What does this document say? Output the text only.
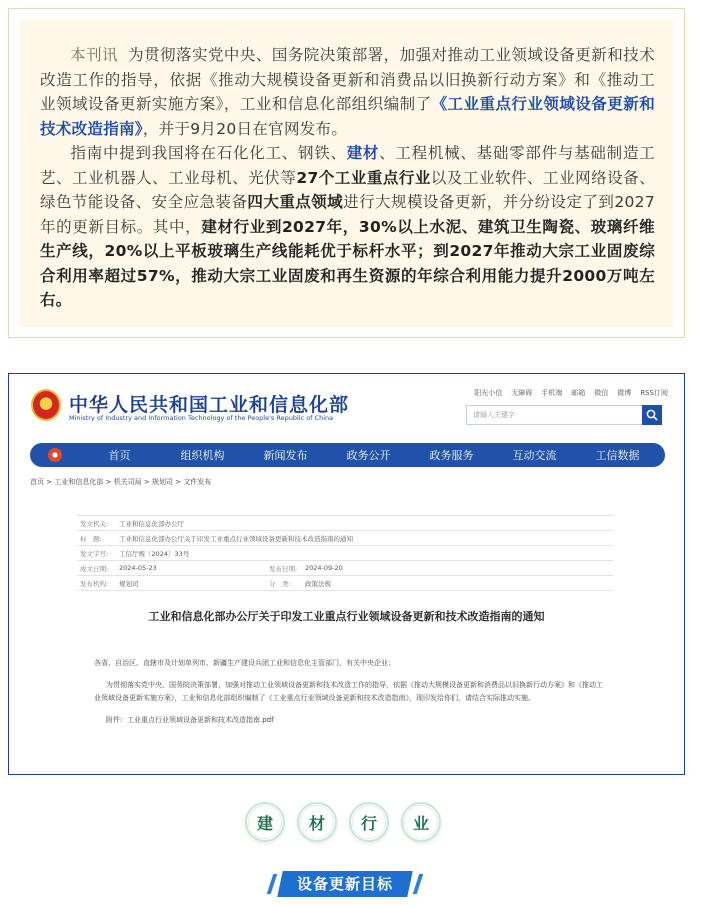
本刊讯 为贯彻落实党中央、国务院决策部署，加强对推动工业领域设备更新和技术改造工作的指导，依据《推动大规模设备更新和消费品以旧换新行动方案》和《推动工业领域设备更新实施方案》，工业和信息化部组织编制了《工业重点行业领域设备更新和技术改造指南》，并于9月20日在官网发布。

指南中提到我国将在石化化工、钢铁、建材、工程机械、基础零部件与基础制造工艺、工业机器人、工业母机、光伏等27个工业重点行业以及工业软件、工业网络设备、绿色节能设备、安全应急装备四大重点领域进行大规模设备更新，并分纷设定了到2027年的更新目标。其中，建材行业到2027年，30%以上水泥、建筑卫生陶瓷、玻璃纤维生产线，20%以上平板玻璃生产线能耗优于标杆水平；到2027年推动大宗工业固废综合利用率超过57%，推动大宗工业固废和再生资源的年综合利用能力提升2000万吨左右。

中华人民共和国工业和信息化部
Ministry of Industry and Information Technology of the People's Republic of China
阳光小信 无障碍 手机端 邮箱 微信 微博 RSS订阅
请输入关键字
首页	组织机构	新闻发布	政务公开	政务服务	互动交流	工信数据
首页 > 工业和信息化部 > 机关司局 > 规划司 > 文件发布
发文机关:	工业和信息化部办公厅
标　题:	工业和信息化部办公厅关于印发工业重点行业领域设备更新和技术改造指南的通知
发文字号:	工信厅规〔2024〕33号
成文日期:	2024-05-23	发布日期:	2024-09-20
发布机构:	规划司	分　类:	政策法规
工业和信息化部办公厅关于印发工业重点行业领域设备更新和技术改造指南的通知

各省、自治区、直辖市及计划单列市、新疆生产建设兵团工业和信息化主管部门，有关中央企业：

为贯彻落实党中央、国务院决策部署，加强对推动工业领域设备更新和技术改造工作的指导，依据《推动大规模设备更新和消费品以旧换新行动方案》和《推动工业领域设备更新实施方案》，工业和信息化部组织编制了《工业重点行业领域设备更新和技术改造指南》，现印发给你们，请结合实际推动实施。

附件：工业重点行业领域设备更新和技术改造指南.pdf

建	材	行	业
设备更新目标
